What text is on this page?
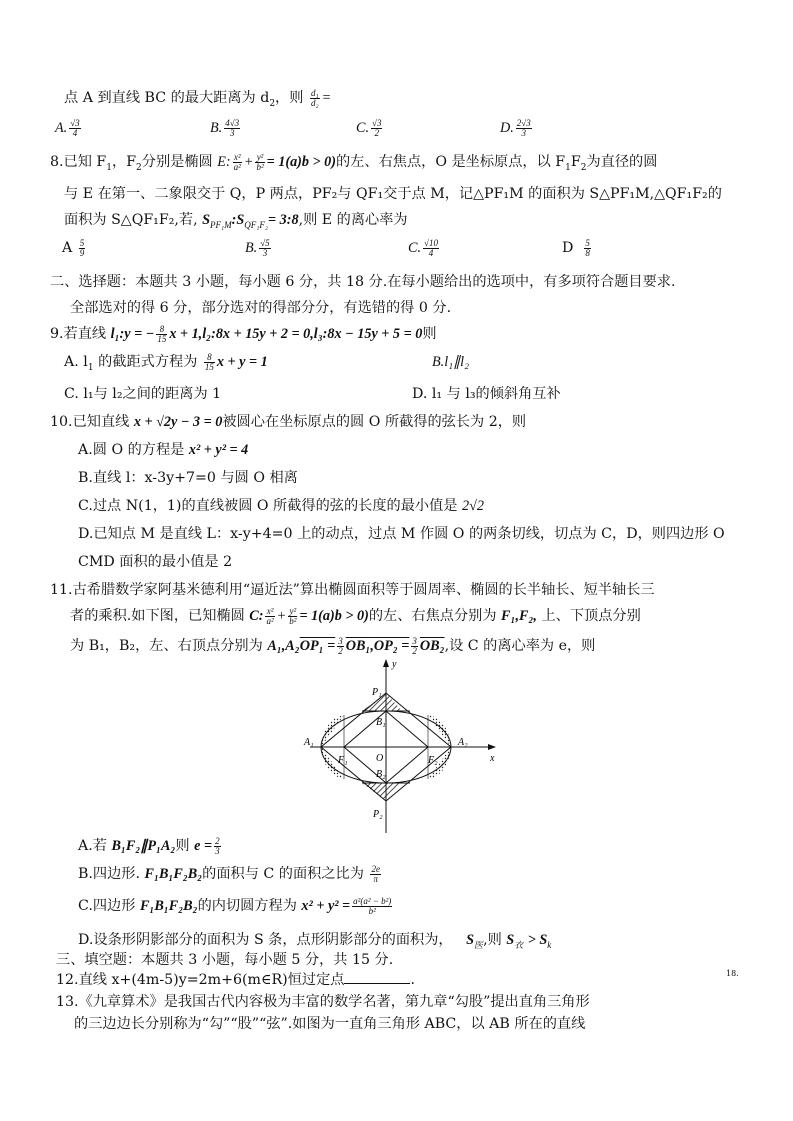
点 A 到直线 BC 的最大距离为 $d_2$，则 $\frac{\text{d₁}}{\text{d₂}}$ =
A. $\frac{√3}{4}$	B. $\frac{4√3}{3}$	C. $\frac{√3}{2}$	D. $\frac{2√3}{3}$
8.已知 $F_1$，$F_2$分别是椭圆 E: $\frac{\text{x²}}{\text{a²}} + \frac{\text{y²}}{\text{b²}} = 1(a)b > 0$)的左、右焦点，O 是坐标原点，以 $F_1F_2$为直径的圆
与 E 在第一、二象限交于 Q，P 两点，PF₂与 QF₁交于点 M，记△PF₁M 的面积为 S△PF₁M,△QF₁F₂的
面积为 S△QF₁F₂,若, $S_{PF_1M}:S_{QF_1F_2}=$ 3:8,则 E 的离心率为
A $\frac{5}{9}$	B. $\frac{√5}{3}$	C. $\frac{√10}{4}$	D $\frac{5}{8}$
二、选择题：本题共 3 小题，每小题 6 分，共 18 分.在每小题给出的选项中，有多项符合题目要求.
全部选对的得 6 分，部分选对的得部分分，有选错的得 0 分.
9.若直线 l₁:y = − $\frac{8}{15}$ x + 1,l₂:8x + 15y + 2 = 0,l₃:8x − 15y + 5 = 0则
A. $l_1$ 的截距式方程为 $\frac{8}{15}$ x + y = 1	B.l₁∥l₂
C. l₁与 l₂之间的距离为 1	D. l₁ 与 l₃的倾斜角互补
10.已知直线 x + √2y − 3 = 0被圆心在坐标原点的圆 O 所截得的弦长为 2，则
A.圆 O 的方程是 x² + y² = 4
B.直线 l：x-3y+7=0 与圆 O 相离
C.过点 N(1，1)的直线被圆 O 所截得的弦的长度的最小值是 2√2
D.已知点 M 是直线 L：x-y+4=0 上的动点，过点 M 作圆 O 的两条切线，切点为 C，D，则四边形 O
CMD 面积的最小值是 2
11.古希腊数学家阿基米德利用“逼近法”算出椭圆面积等于圆周率、椭圆的长半轴长、短半轴长三
者的乘积.如下图，已知椭圆 C: $\frac{\text{x²}}{\text{a²}} + \frac{\text{y²}}{\text{b²}} = 1(a)b > 0$)的左、右焦点分别为 F₁,F₂, 上、下顶点分别
为 B₁，B₂，左、右顶点分别为 $A_1,A_2OP_1 = \frac{3}{2} OB_1,OP_2 = \frac{3}{2} OB_2$,设 C 的离心率为 e，则
y
x
P₁
P₂
B₁
B₂
A₁	A₂
F₁	F₂
O
A.若 B₁F₂∥P₁A₂则 $e = \frac{2}{3}$
B.四边形. F₁B₁F₂B₂的面积与 C 的面积之比为 $\frac{2e}{\pi}$
C.四边形 F₁B₁F₂B₂的内切圆方程为 $x^2 + y^2 = \frac{\text{a²(a² − b²)}}{\text{b²}}$
D.设条形阴影部分的面积为 S 条，点形阴影部分的面积为， $S_医$,则 $S_衣 > S_k$
三、填空题：本题共 3 小题，每小题 5 分，共 15 分.
12.直线 x+(4m-5)y=2m+6(m∈R)恒过定点	.	18.
13.《九章算术》是我国古代内容极为丰富的数学名著，第九章“勾股”提出直角三角形
的三边边长分别称为“勾”“股”“弦”.如图为一直角三角形 ABC，以 AB 所在的直线
